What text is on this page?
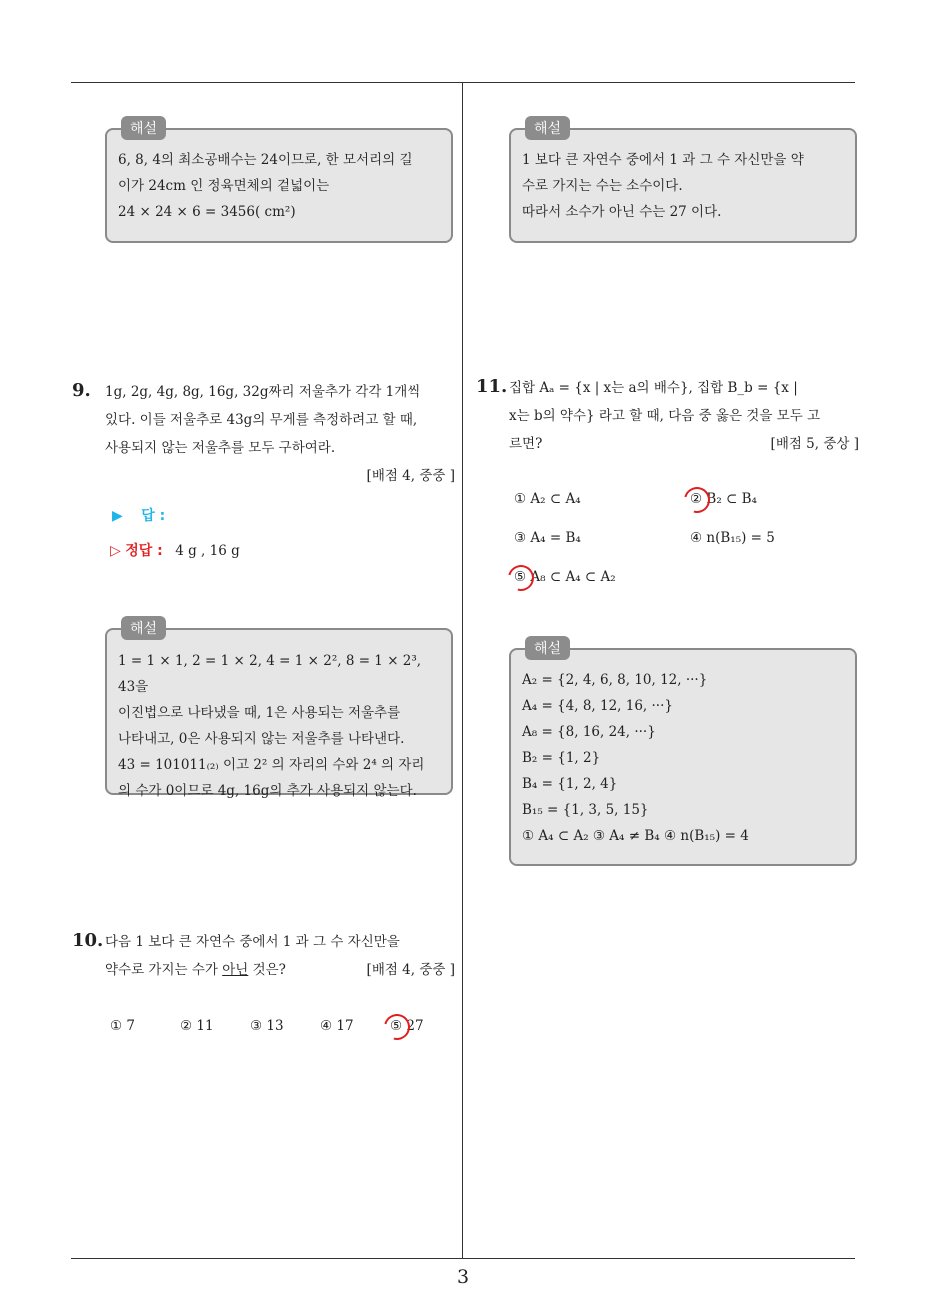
해설
6, 8, 4의 최소공배수는 24이므로, 한 모서리의 길
이가 24cm 인 정육면체의 겉넓이는
24 × 24 × 6 = 3456( cm²)
9. 1g, 2g, 4g, 8g, 16g, 32g짜리 저울추가 각각 1개씩
있다. 이들 저울추로 43g의 무게를 측정하려고 할 때,
사용되지 않는 저울추를 모두 구하여라.
[배점 4, 중중 ]
▶ 답 :
▷ 정답 : 4 g , 16 g
해설
1 = 1 × 1, 2 = 1 × 2, 4 = 1 × 2², 8 = 1 × 2³, 43을
이진법으로 나타냈을 때, 1은 사용되는 저울추를
나타내고, 0은 사용되지 않는 저울추를 나타낸다.
43 = 101011₍₂₎ 이고 2² 의 자리의 수와 2⁴ 의 자리
의 수가 0이므로 4g, 16g의 추가 사용되지 않는다.
10. 다음 1 보다 큰 자연수 중에서 1 과 그 수 자신만을
약수로 가지는 수가 아닌 것은?	[배점 4, 중중 ]
① 7	② 11	③ 13	④ 17	⑤ 27
해설
1 보다 큰 자연수 중에서 1 과 그 수 자신만을 약
수로 가지는 수는 소수이다.
따라서 소수가 아닌 수는 27 이다.
11. 집합 Aₐ = {x | x는 a의 배수}, 집합 B_b = {x |
x는 b의 약수} 라고 할 때, 다음 중 옳은 것을 모두 고
르면?	[배점 5, 중상 ]
① A₂ ⊂ A₄	② B₂ ⊂ B₄
③ A₄ = B₄	④ n(B₁₅) = 5
⑤ A₈ ⊂ A₄ ⊂ A₂
해설
A₂ = {2, 4, 6, 8, 10, 12, ···}
A₄ = {4, 8, 12, 16, ···}
A₈ = {8, 16, 24, ···}
B₂ = {1, 2}
B₄ = {1, 2, 4}
B₁₅ = {1, 3, 5, 15}
① A₄ ⊂ A₂ ③ A₄ ≠ B₄ ④ n(B₁₅) = 4
3
